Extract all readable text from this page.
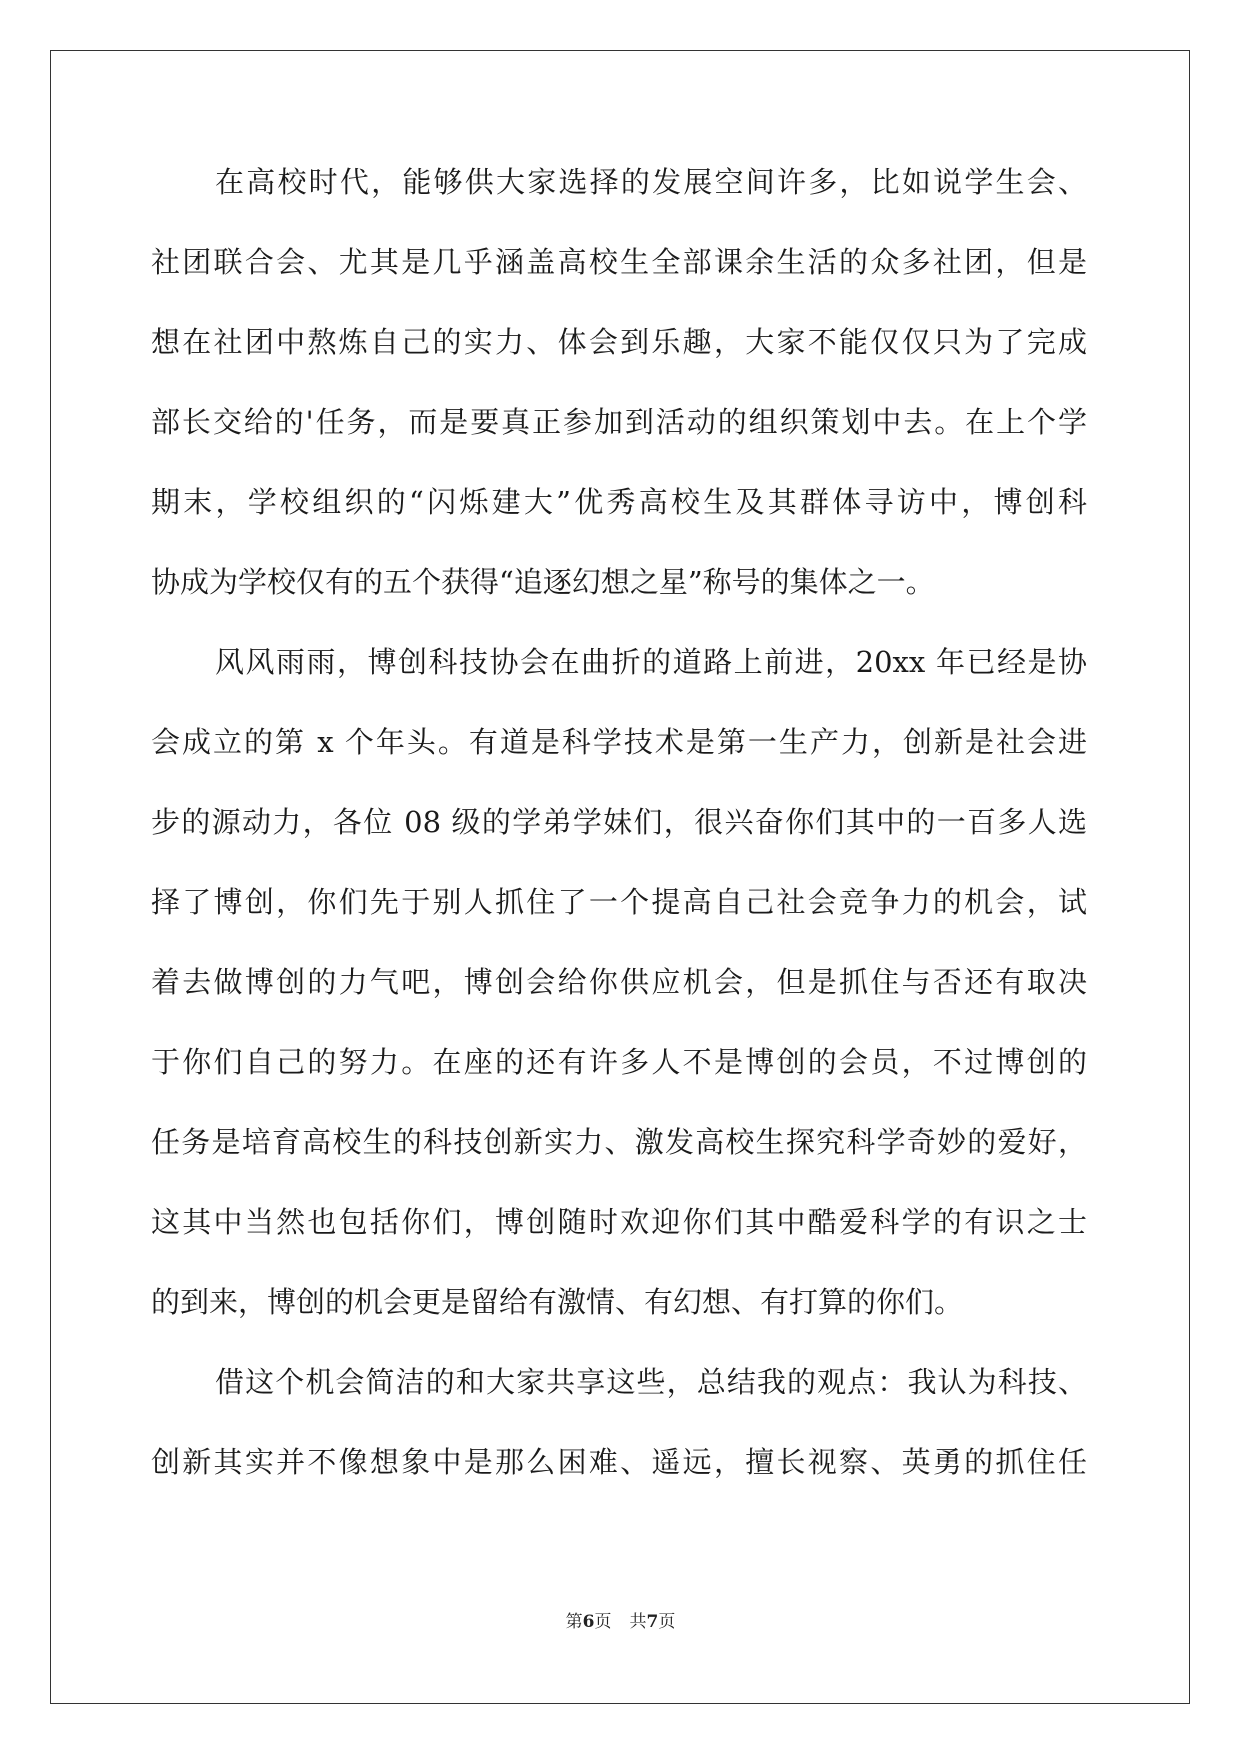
在高校时代，能够供大家选择的发展空间许多，比如说学生会、
社团联合会、尤其是几乎涵盖高校生全部课余生活的众多社团，但是
想在社团中熬炼自己的实力、体会到乐趣，大家不能仅仅只为了完成
部长交给的'任务，而是要真正参加到活动的组织策划中去。在上个学
期末，学校组织的“闪烁建大”优秀高校生及其群体寻访中，博创科
协成为学校仅有的五个获得“追逐幻想之星”称号的集体之一。
风风雨雨，博创科技协会在曲折的道路上前进，20xx 年已经是协
会成立的第 x 个年头。有道是科学技术是第一生产力，创新是社会进
步的源动力，各位 08 级的学弟学妹们，很兴奋你们其中的一百多人选
择了博创，你们先于别人抓住了一个提高自己社会竞争力的机会，试
着去做博创的力气吧，博创会给你供应机会，但是抓住与否还有取决
于你们自己的努力。在座的还有许多人不是博创的会员，不过博创的
任务是培育高校生的科技创新实力、激发高校生探究科学奇妙的爱好，
这其中当然也包括你们，博创随时欢迎你们其中酷爱科学的有识之士
的到来，博创的机会更是留给有激情、有幻想、有打算的你们。
借这个机会简洁的和大家共享这些，总结我的观点：我认为科技、
创新其实并不像想象中是那么困难、遥远，擅长视察、英勇的抓住任
第6页 共7页
